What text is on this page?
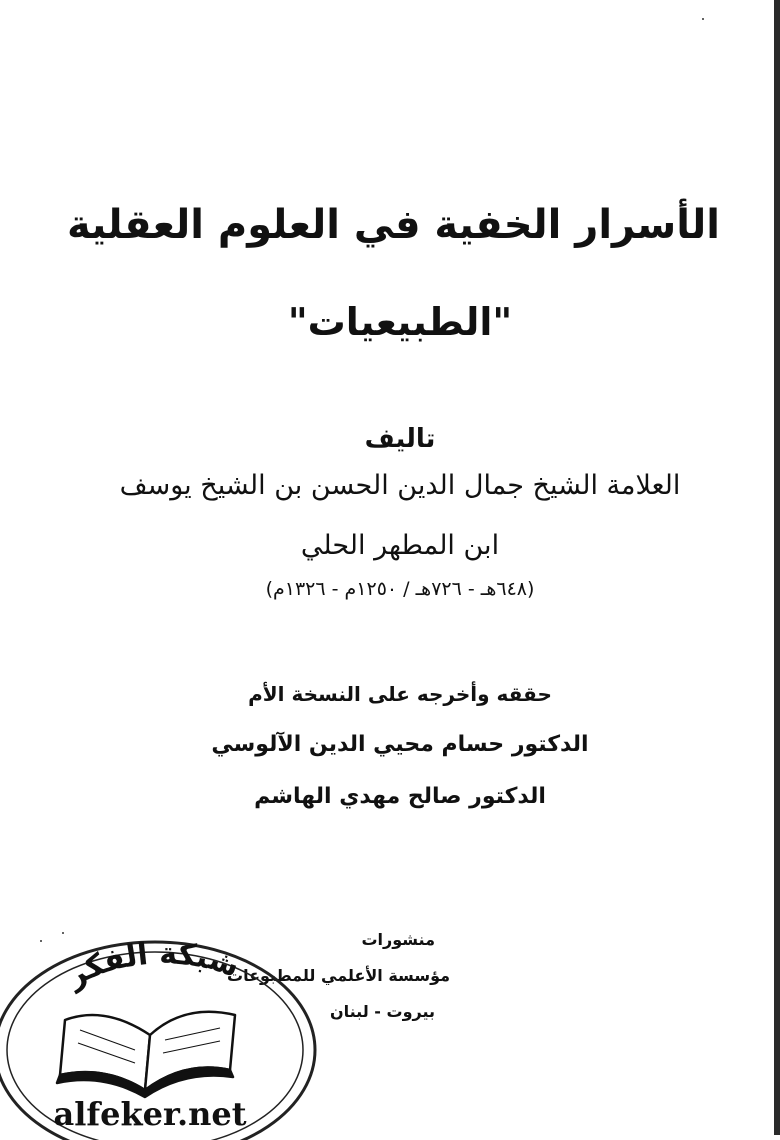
الأسرار الخفية في العلوم العقلية
"الطبيعيات"

تاليف

العلامة الشيخ جمال الدين الحسن بن الشيخ يوسف

ابن المطهر الحلي

(٦٤٨هـ - ٧٢٦هـ / ١٢٥٠م - ١٣٢٦م)

حققه وأخرجه على النسخة الأم

الدكتور حسام محيي الدين الآلوسي

الدكتور صالح مهدي الهاشم

منشورات

مؤسسة الأعلمي للمطبوعات

بيروت - لبنان

شبكة الفكر
alfeker.net
